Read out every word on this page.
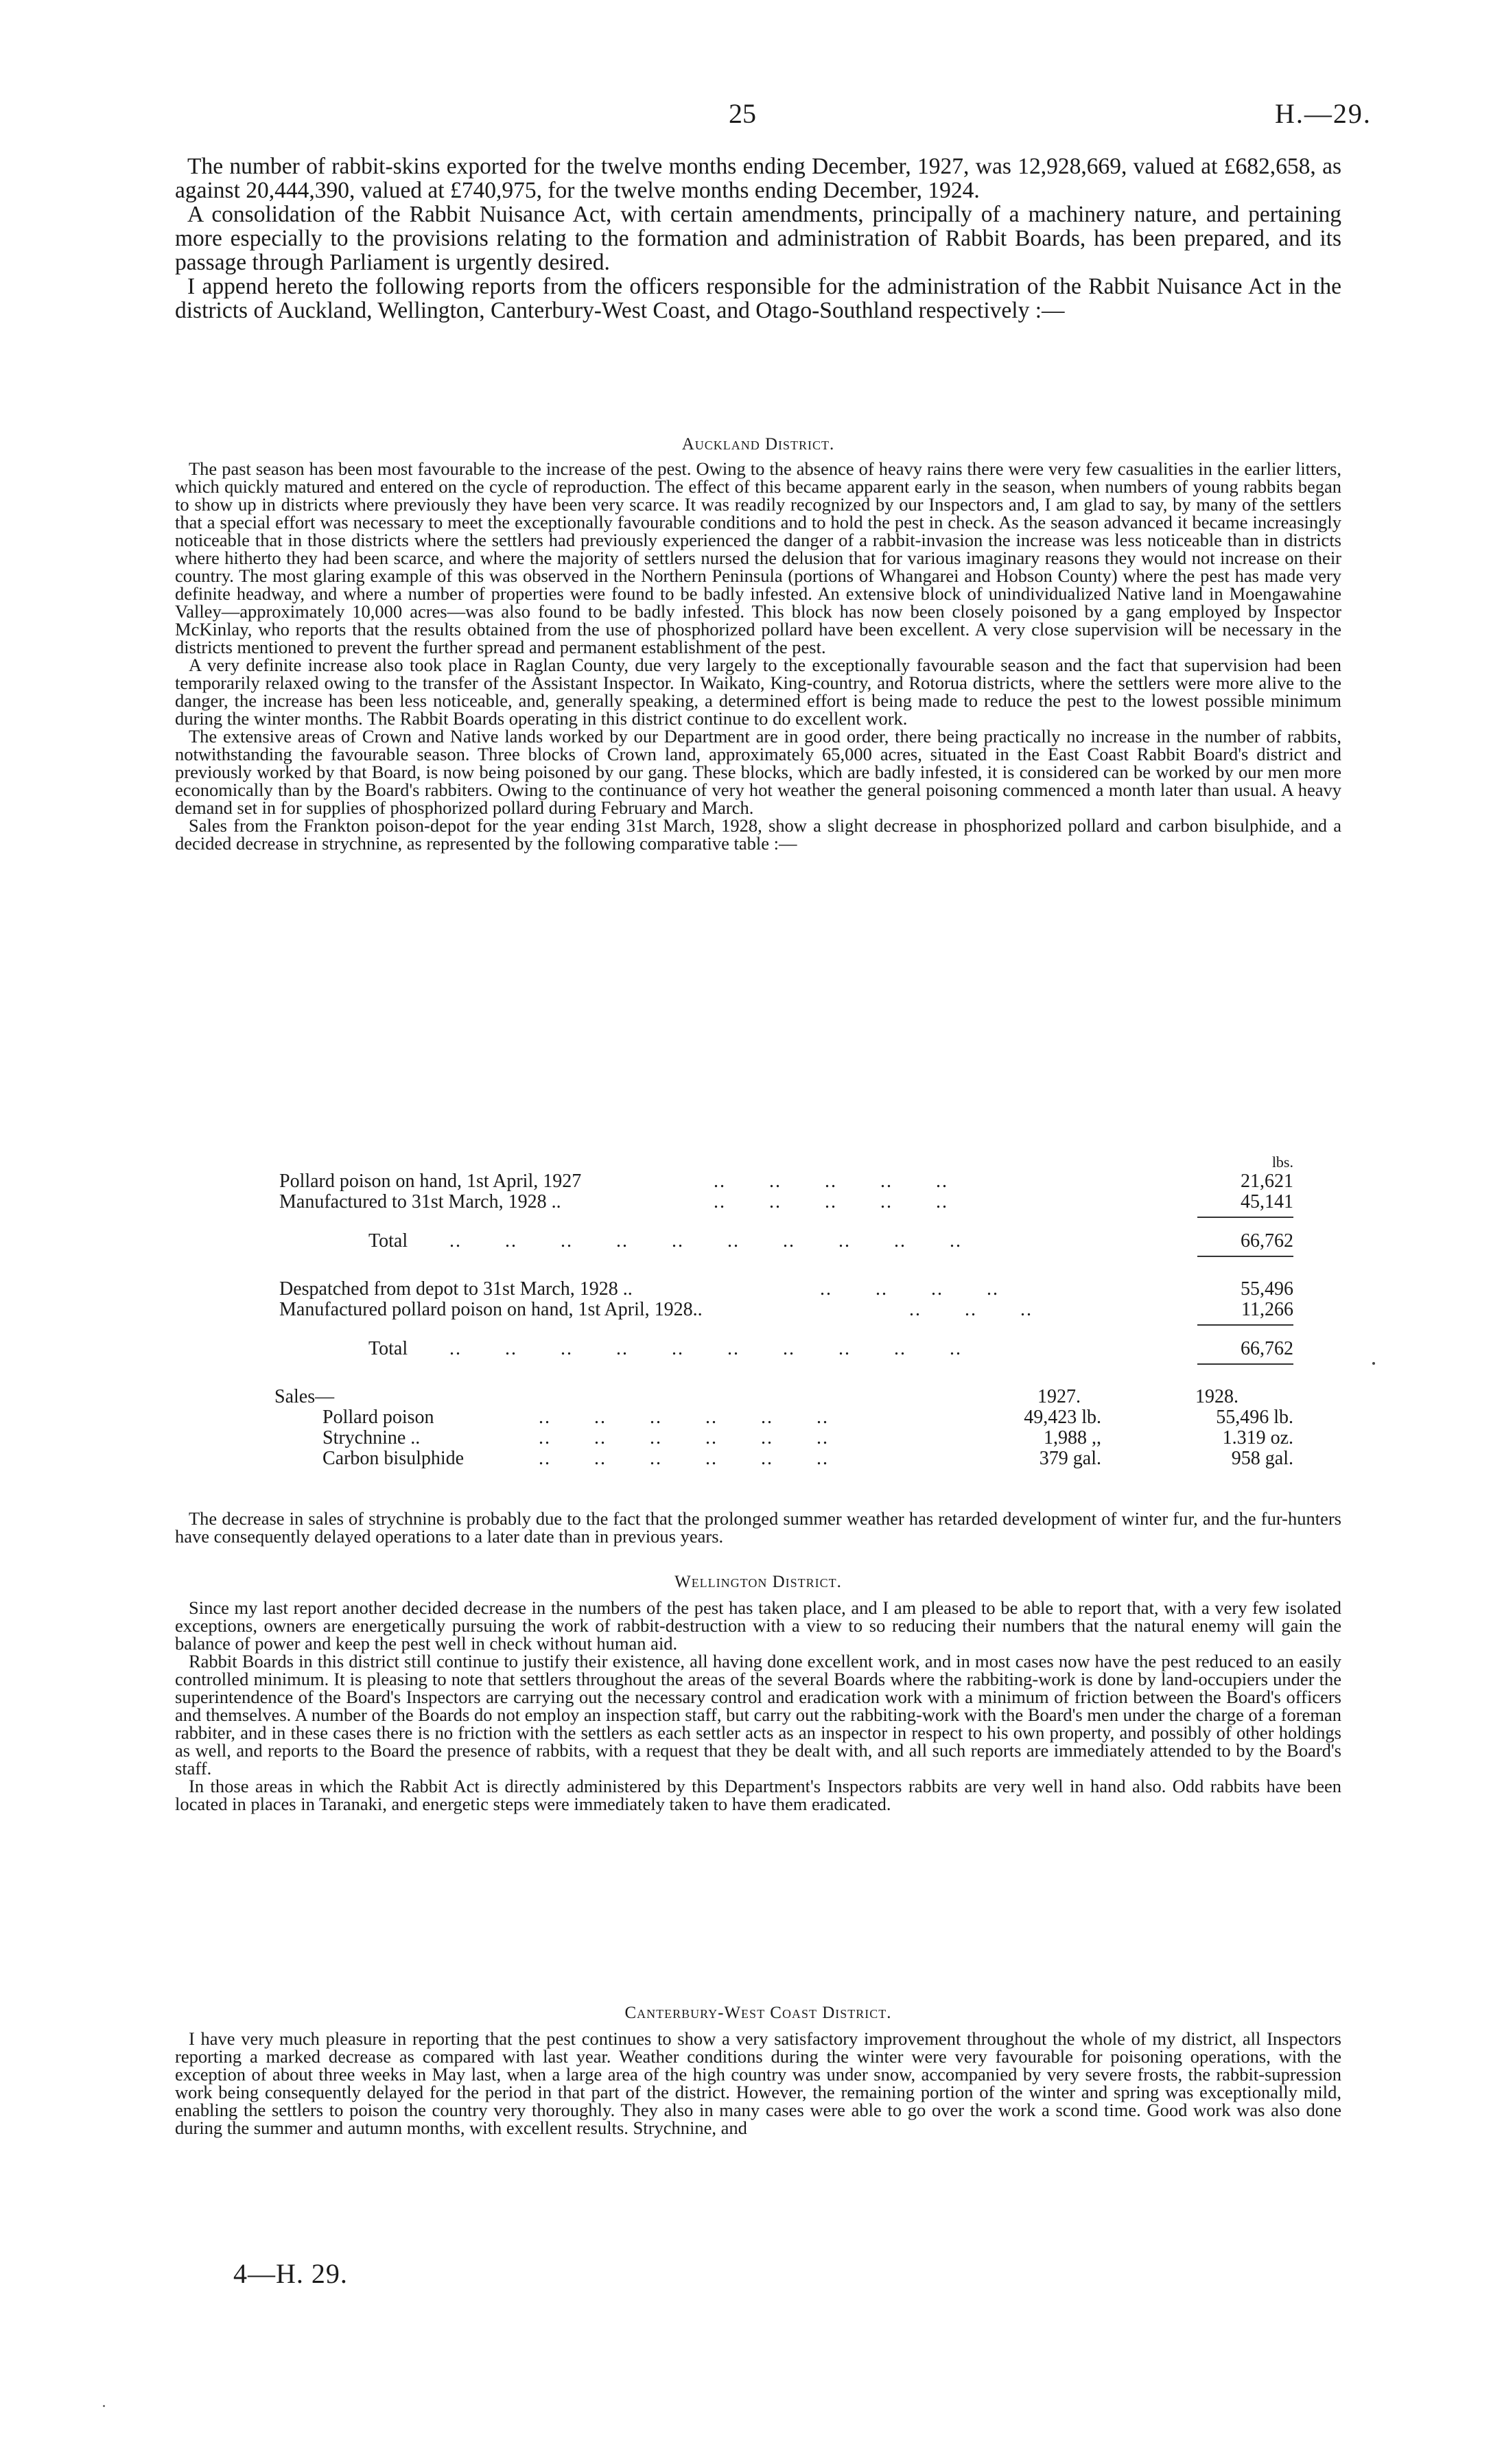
25	H.—29.

The number of rabbit-skins exported for the twelve months ending December, 1927, was 12,928,669, valued at £682,658, as against 20,444,390, valued at £740,975, for the twelve months ending December, 1924.

A consolidation of the Rabbit Nuisance Act, with certain amendments, principally of a machinery nature, and pertaining more especially to the provisions relating to the formation and administration of Rabbit Boards, has been prepared, and its passage through Parliament is urgently desired.

I append hereto the following reports from the officers responsible for the administration of the Rabbit Nuisance Act in the districts of Auckland, Wellington, Canterbury-West Coast, and Otago-Southland respectively :—

Auckland District.

The past season has been most favourable to the increase of the pest. Owing to the absence of heavy rains there were very few casualities in the earlier litters, which quickly matured and entered on the cycle of reproduction. The effect of this became apparent early in the season, when numbers of young rabbits began to show up in districts where previously they have been very scarce. It was readily recognized by our Inspectors and, I am glad to say, by many of the settlers that a special effort was necessary to meet the exceptionally favourable conditions and to hold the pest in check. As the season advanced it became increasingly noticeable that in those districts where the settlers had previously experienced the danger of a rabbit-invasion the increase was less noticeable than in districts where hitherto they had been scarce, and where the majority of settlers nursed the delusion that for various imaginary reasons they would not increase on their country. The most glaring example of this was observed in the Northern Peninsula (portions of Whangarei and Hobson County) where the pest has made very definite headway, and where a number of properties were found to be badly infested. An extensive block of unindividualized Native land in Moengawahine Valley—approximately 10,000 acres—was also found to be badly infested. This block has now been closely poisoned by a gang employed by Inspector McKinlay, who reports that the results obtained from the use of phosphorized pollard have been excellent. A very close supervision will be necessary in the districts mentioned to prevent the further spread and permanent establishment of the pest.

A very definite increase also took place in Raglan County, due very largely to the exceptionally favourable season and the fact that supervision had been temporarily relaxed owing to the transfer of the Assistant Inspector. In Waikato, King-country, and Rotorua districts, where the settlers were more alive to the danger, the increase has been less noticeable, and, generally speaking, a determined effort is being made to reduce the pest to the lowest possible minimum during the winter months. The Rabbit Boards operating in this district continue to do excellent work.

The extensive areas of Crown and Native lands worked by our Department are in good order, there being practically no increase in the number of rabbits, notwithstanding the favourable season. Three blocks of Crown land, approximately 65,000 acres, situated in the East Coast Rabbit Board's district and previously worked by that Board, is now being poisoned by our gang. These blocks, which are badly infested, it is considered can be worked by our men more economically than by the Board's rabbiters. Owing to the continuance of very hot weather the general poisoning commenced a month later than usual. A heavy demand set in for supplies of phosphorized pollard during February and March.

Sales from the Frankton poison-depot for the year ending 31st March, 1928, show a slight decrease in phosphorized pollard and carbon bisulphide, and a decided decrease in strychnine, as represented by the following comparative table :—

lbs.
Pollard poison on hand, 1st April, 1927	..       ..       ..       ..       ..	21,621
Manufactured to 31st March, 1928 ..	..       ..       ..       ..       ..	45,141
Total ..       ..       ..       ..       ..       ..       ..       ..       ..       ..	66,762
Despatched from depot to 31st March, 1928 ..	..       ..       ..       ..	55,496
Manufactured pollard poison on hand, 1st April, 1928..	..       ..       ..	11,266
Total ..       ..       ..       ..       ..       ..       ..       ..       ..       ..	66,762
Sales—	1927.	1928.
Pollard poison	..       ..       ..       ..       ..       ..	49,423 lb.	55,496 lb.
Strychnine ..	..       ..       ..       ..       ..       ..	1,988 ,,	1.319 oz.
Carbon bisulphide	..       ..       ..       ..       ..       ..	379 gal.	958 gal.

The decrease in sales of strychnine is probably due to the fact that the prolonged summer weather has retarded development of winter fur, and the fur-hunters have consequently delayed operations to a later date than in previous years.

Wellington District.

Since my last report another decided decrease in the numbers of the pest has taken place, and I am pleased to be able to report that, with a very few isolated exceptions, owners are energetically pursuing the work of rabbit-destruction with a view to so reducing their numbers that the natural enemy will gain the balance of power and keep the pest well in check without human aid.

Rabbit Boards in this district still continue to justify their existence, all having done excellent work, and in most cases now have the pest reduced to an easily controlled minimum. It is pleasing to note that settlers throughout the areas of the several Boards where the rabbiting-work is done by land-occupiers under the superintendence of the Board's Inspectors are carrying out the necessary control and eradication work with a minimum of friction between the Board's officers and themselves. A number of the Boards do not employ an inspection staff, but carry out the rabbiting-work with the Board's men under the charge of a foreman rabbiter, and in these cases there is no friction with the settlers as each settler acts as an inspector in respect to his own property, and possibly of other holdings as well, and reports to the Board the presence of rabbits, with a request that they be dealt with, and all such reports are immediately attended to by the Board's staff.

In those areas in which the Rabbit Act is directly administered by this Department's Inspectors rabbits are very well in hand also. Odd rabbits have been located in places in Taranaki, and energetic steps were immediately taken to have them eradicated.

Canterbury-West Coast District.

I have very much pleasure in reporting that the pest continues to show a very satisfactory improvement throughout the whole of my district, all Inspectors reporting a marked decrease as compared with last year. Weather conditions during the winter were very favourable for poisoning operations, with the exception of about three weeks in May last, when a large area of the high country was under snow, accompanied by very severe frosts, the rabbit-supression work being consequently delayed for the period in that part of the district. However, the remaining portion of the winter and spring was exceptionally mild, enabling the settlers to poison the country very thoroughly. They also in many cases were able to go over the work a scond time. Good work was also done during the summer and autumn months, with excellent results. Strychnine, and

4—H. 29.
